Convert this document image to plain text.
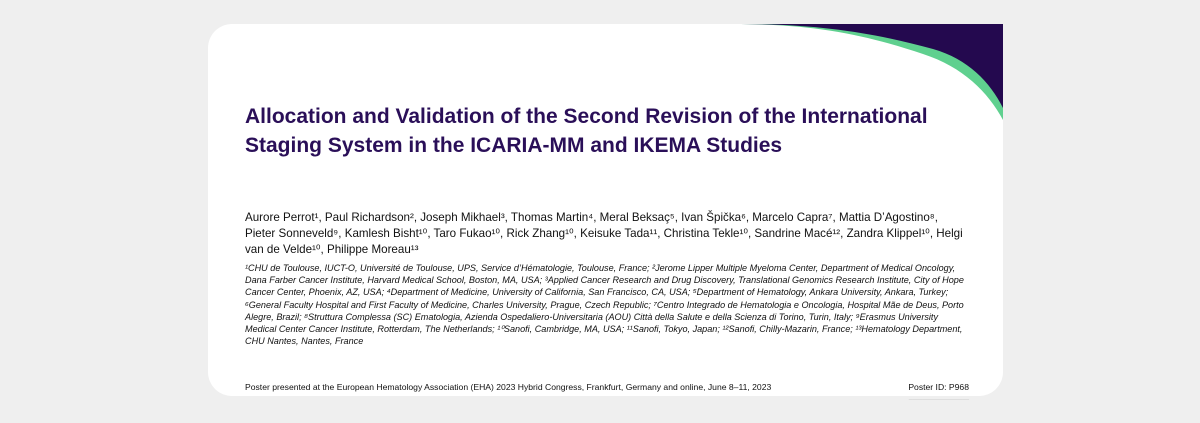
Allocation and Validation of the Second Revision of the International Staging System in the ICARIA-MM and IKEMA Studies
Aurore Perrot¹, Paul Richardson², Joseph Mikhael³, Thomas Martin⁴, Meral Beksaç⁵, Ivan Špička⁶, Marcelo Capra⁷, Mattia D’Agostino⁸, Pieter Sonneveld⁹, Kamlesh Bisht¹⁰, Taro Fukao¹⁰, Rick Zhang¹⁰, Keisuke Tada¹¹, Christina Tekle¹⁰, Sandrine Macé¹², Zandra Klippel¹⁰, Helgi van de Velde¹⁰, Philippe Moreau¹³
¹CHU de Toulouse, IUCT-O, Université de Toulouse, UPS, Service d’Hématologie, Toulouse, France; ²Jerome Lipper Multiple Myeloma Center, Department of Medical Oncology, Dana Farber Cancer Institute, Harvard Medical School, Boston, MA, USA; ³Applied Cancer Research and Drug Discovery, Translational Genomics Research Institute, City of Hope Cancer Center, Phoenix, AZ, USA; ⁴Department of Medicine, University of California, San Francisco, CA, USA; ⁵Department of Hematology, Ankara University, Ankara, Turkey; ⁶General Faculty Hospital and First Faculty of Medicine, Charles University, Prague, Czech Republic; ⁷Centro Integrado de Hematologia e Oncologia, Hospital Mãe de Deus, Porto Alegre, Brazil; ⁸Struttura Complessa (SC) Ematologia, Azienda Ospedaliero-Universitaria (AOU) Città della Salute e della Scienza di Torino, Turin, Italy; ⁹Erasmus University Medical Center Cancer Institute, Rotterdam, The Netherlands; ¹⁰Sanofi, Cambridge, MA, USA; ¹¹Sanofi, Tokyo, Japan; ¹²Sanofi, Chilly-Mazarin, France; ¹³Hematology Department, CHU Nantes, Nantes, France
Poster presented at the European Hematology Association (EHA) 2023 Hybrid Congress, Frankfurt, Germany and online, June 8–11, 2023	Poster ID: P968
__________________
